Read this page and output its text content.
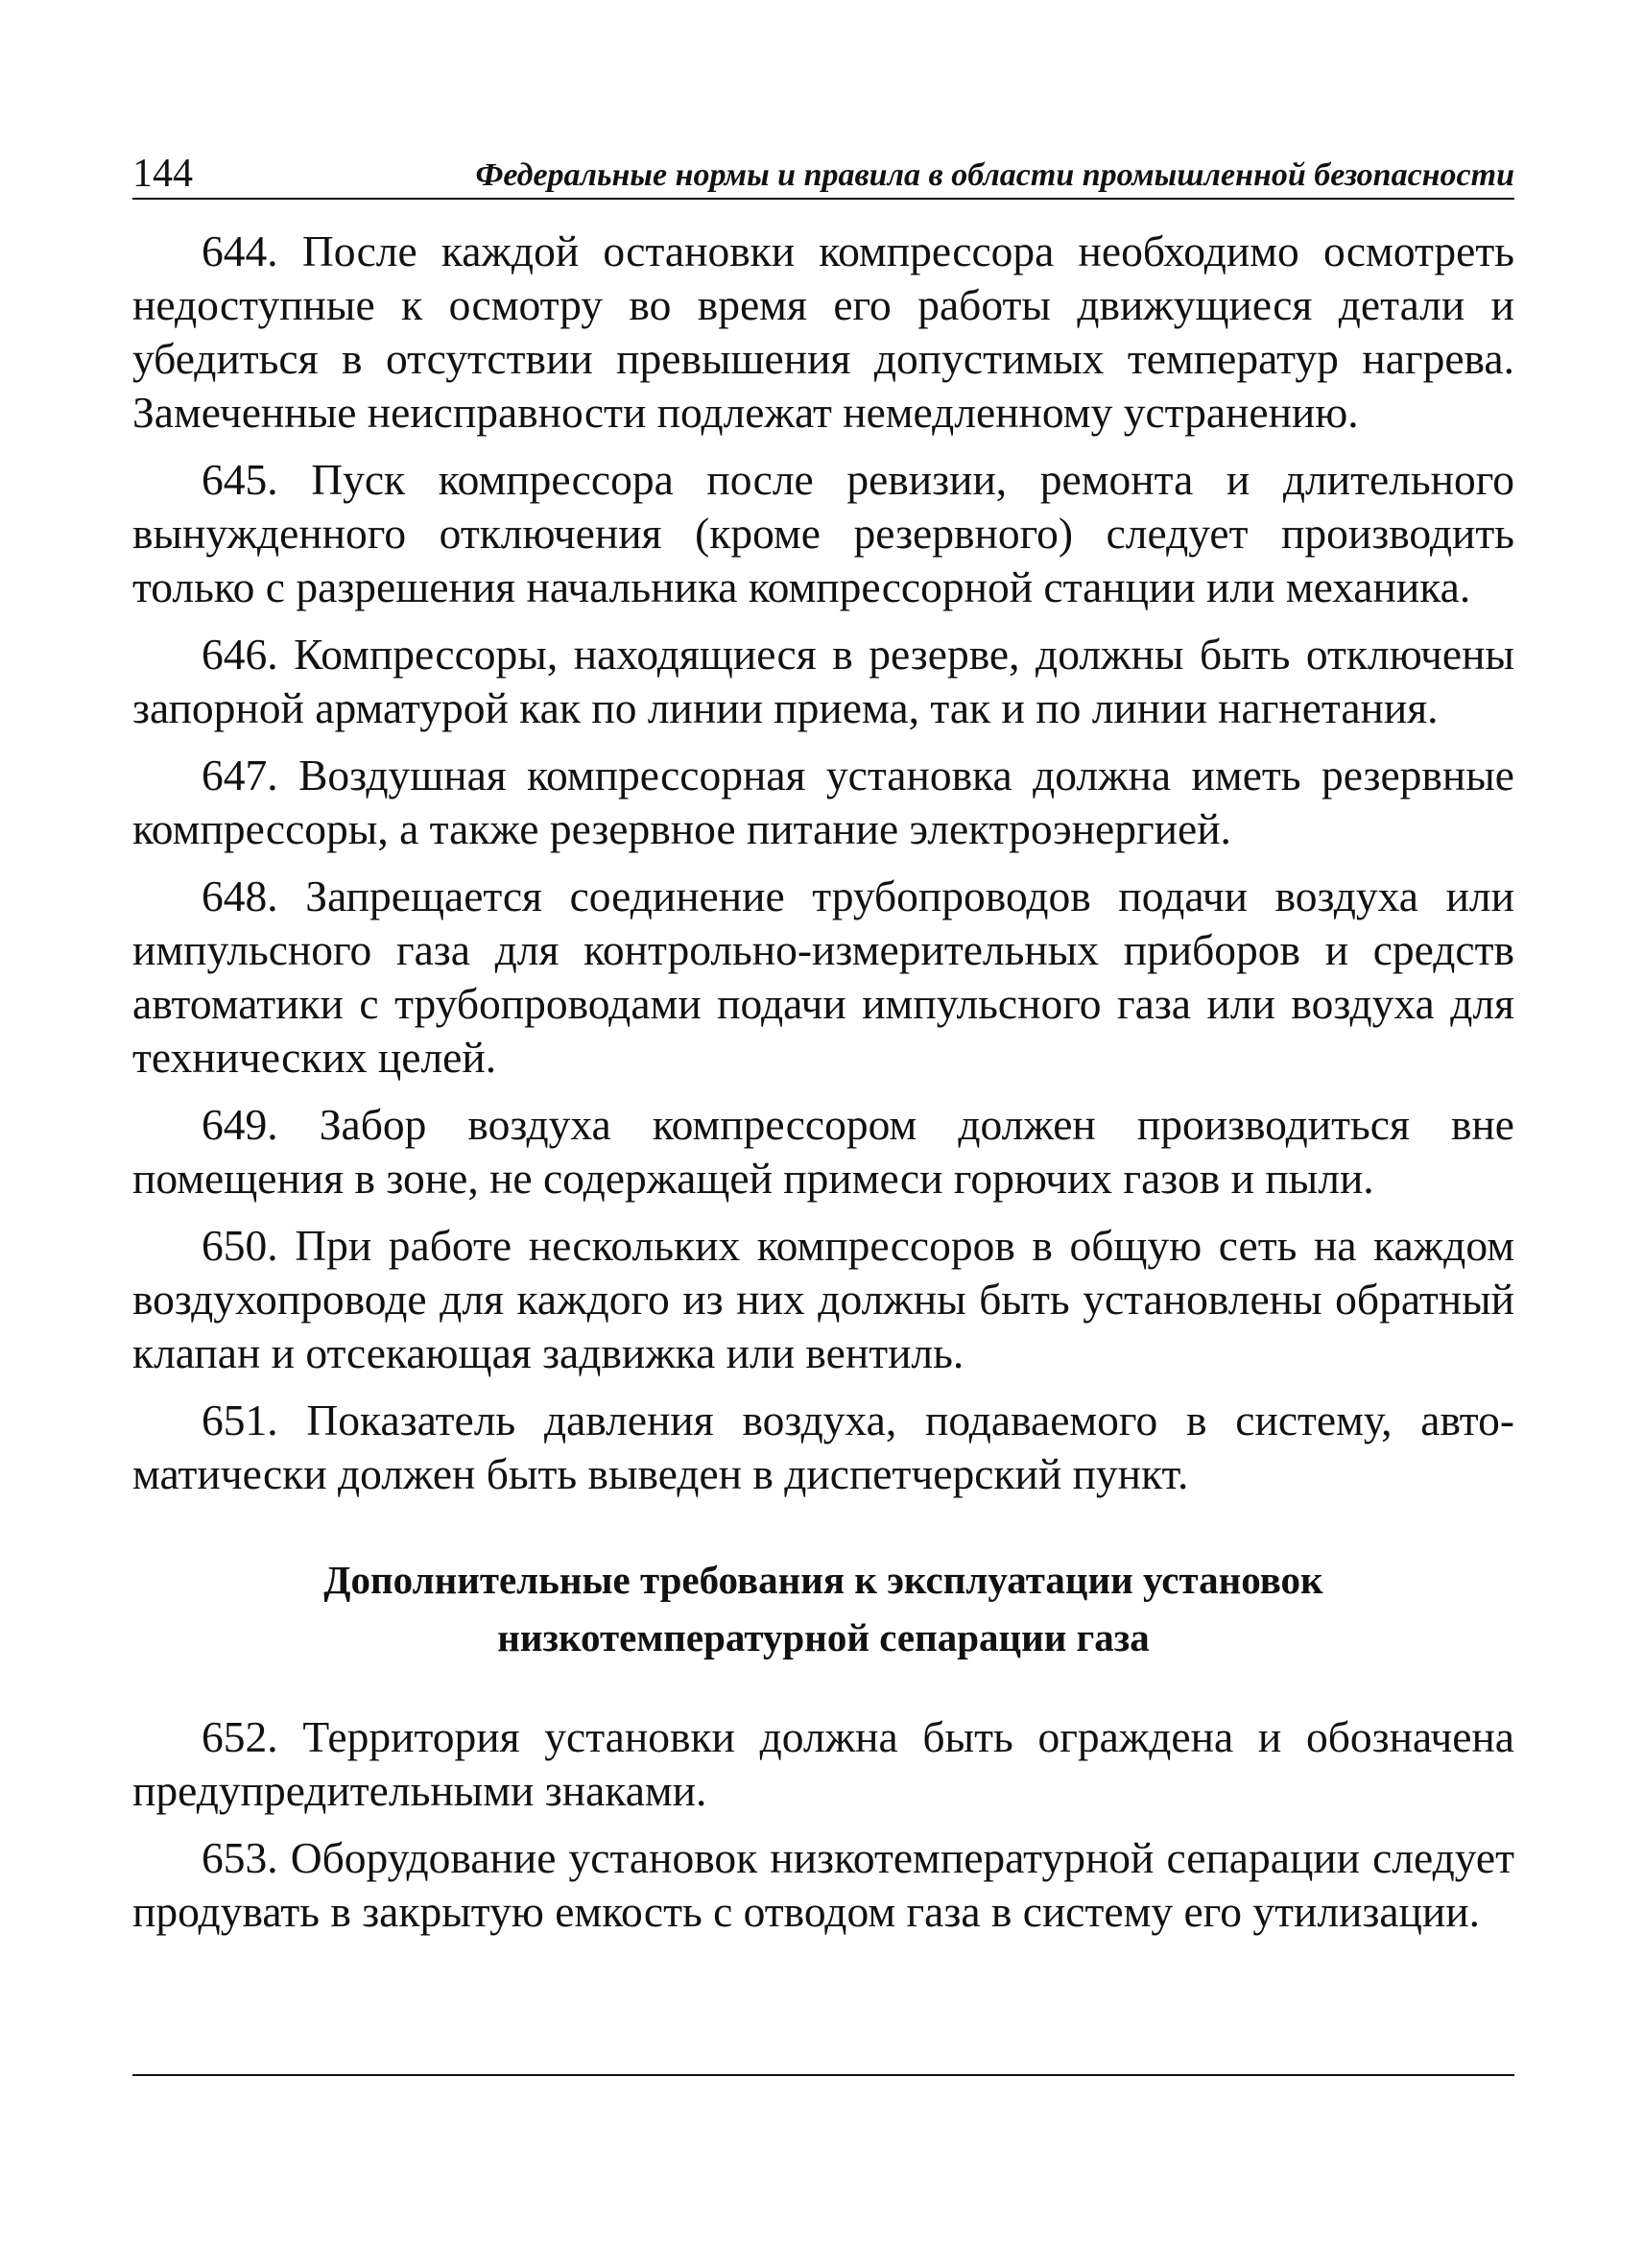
144	Федеральные нормы и правила в области промышленной безопасности

644. После каждой остановки компрессора необходимо осмотреть недоступные к осмотру во время его работы движущиеся детали и убедиться в отсутствии превышения допустимых температур нагрева. Замеченные неисправности подлежат немедленному устранению.

645. Пуск компрессора после ревизии, ремонта и длительного вынужденного отключения (кроме резервного) следует производить только с разрешения начальника компрессорной станции или механика.

646. Компрессоры, находящиеся в резерве, должны быть отключены запорной арматурой как по линии приема, так и по линии нагнетания.

647. Воздушная компрессорная установка должна иметь резервные компрессоры, а также резервное питание электроэнергией.

648. Запрещается соединение трубопроводов подачи воздуха или импульсного газа для контрольно-измерительных приборов и средств автоматики с трубопроводами подачи импульсного газа или воздуха для технических целей.

649. Забор воздуха компрессором должен производиться вне помещения в зоне, не содержащей примеси горючих газов и пыли.

650. При работе нескольких компрессоров в общую сеть на каждом воздухопроводе для каждого из них должны быть установлены обратный клапан и отсекающая задвижка или вентиль.

651. Показатель давления воздуха, подаваемого в систему, автоматически должен быть выведен в диспетчерский пункт.

Дополнительные требования к эксплуатации установок
низкотемпературной сепарации газа

652. Территория установки должна быть ограждена и обозначена предупредительными знаками.

653. Оборудование установок низкотемпературной сепарации следует продувать в закрытую емкость с отводом газа в систему его утилизации.
